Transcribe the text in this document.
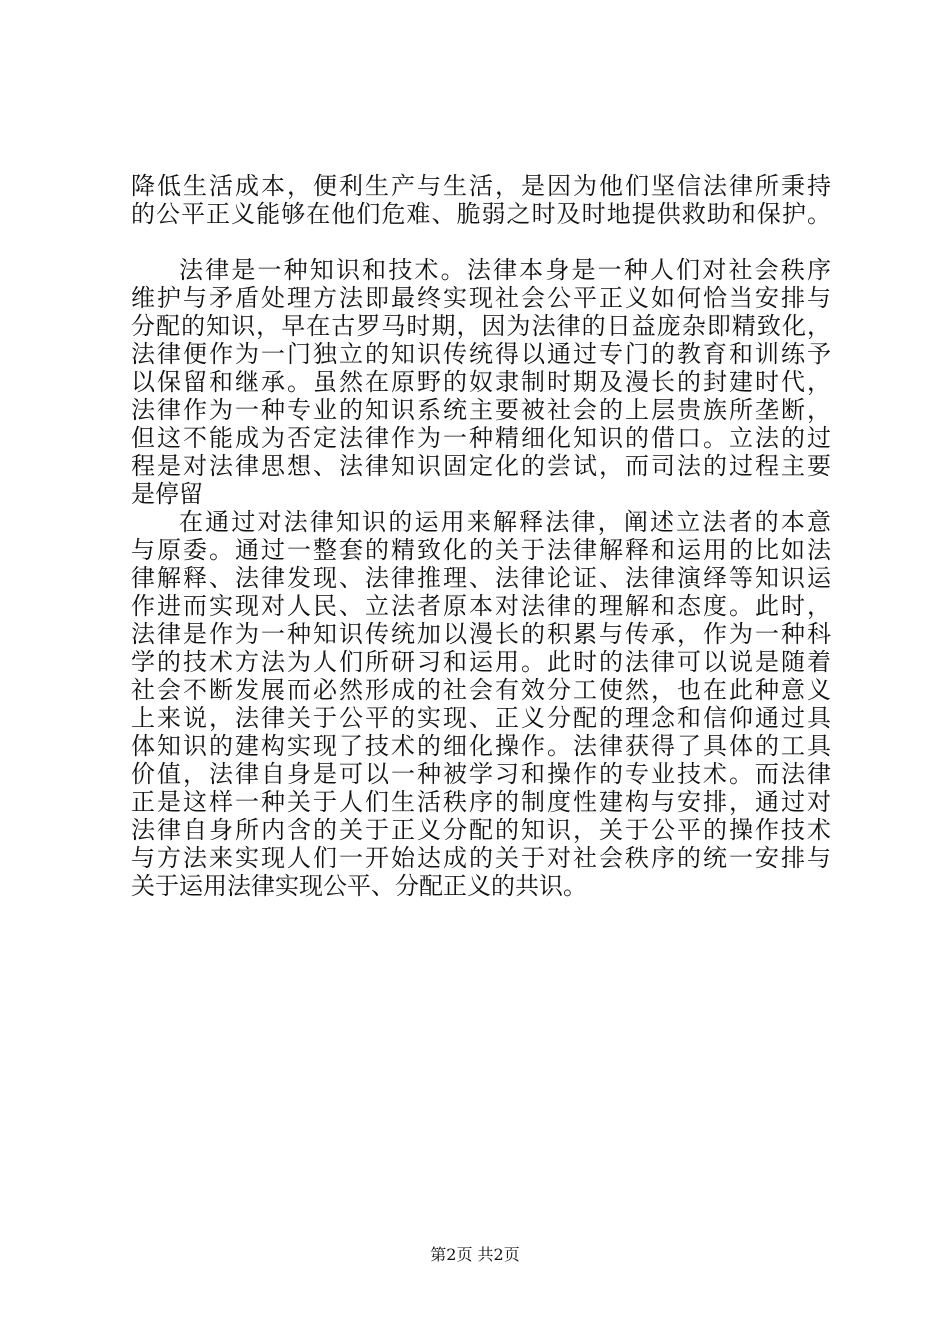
降低生活成本，便利生产与生活，是因为他们坚信法律所秉持
的公平正义能够在他们危难、脆弱之时及时地提供救助和保护。
法律是一种知识和技术。法律本身是一种人们对社会秩序
维护与矛盾处理方法即最终实现社会公平正义如何恰当安排与
分配的知识，早在古罗马时期，因为法律的日益庞杂即精致化，
法律便作为一门独立的知识传统得以通过专门的教育和训练予
以保留和继承。虽然在原野的奴隶制时期及漫长的封建时代，
法律作为一种专业的知识系统主要被社会的上层贵族所垄断，
但这不能成为否定法律作为一种精细化知识的借口。立法的过
程是对法律思想、法律知识固定化的尝试，而司法的过程主要
是停留
在通过对法律知识的运用来解释法律，阐述立法者的本意
与原委。通过一整套的精致化的关于法律解释和运用的比如法
律解释、法律发现、法律推理、法律论证、法律演绎等知识运
作进而实现对人民、立法者原本对法律的理解和态度。此时，
法律是作为一种知识传统加以漫长的积累与传承，作为一种科
学的技术方法为人们所研习和运用。此时的法律可以说是随着
社会不断发展而必然形成的社会有效分工使然，也在此种意义
上来说，法律关于公平的实现、正义分配的理念和信仰通过具
体知识的建构实现了技术的细化操作。法律获得了具体的工具
价值，法律自身是可以一种被学习和操作的专业技术。而法律
正是这样一种关于人们生活秩序的制度性建构与安排，通过对
法律自身所内含的关于正义分配的知识，关于公平的操作技术
与方法来实现人们一开始达成的关于对社会秩序的统一安排与
关于运用法律实现公平、分配正义的共识。
第2页 共2页
